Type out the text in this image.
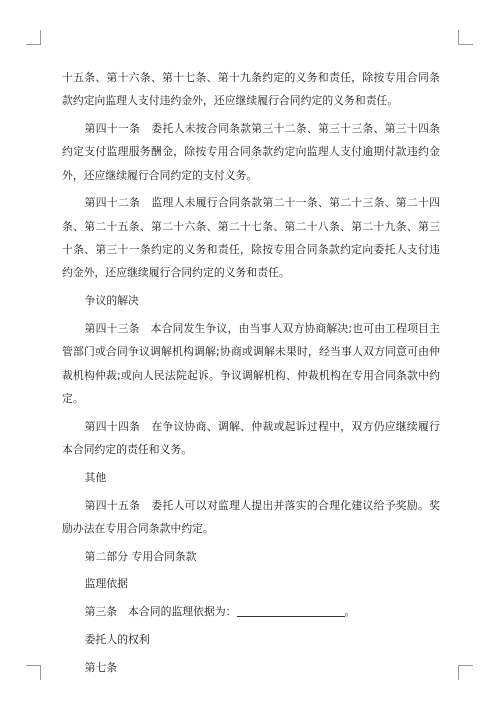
十五条、第十六条、第十七条、第十九条约定的义务和责任，除按专用合同条款约定向监理人支付违约金外，还应继续履行合同约定的义务和责任。

第四十一条　委托人未按合同条款第三十二条、第三十三条、第三十四条约定支付监理服务酬金，除按专用合同条款约定向监理人支付逾期付款违约金外，还应继续履行合同约定的支付义务。

第四十二条　监理人未履行合同条款第二十一条、第二十三条、第二十四条、第二十五条、第二十六条、第二十七条、第二十八条、第二十九条、第三十条、第三十一条约定的义务和责任，除按专用合同条款约定向委托人支付违约金外，还应继续履行合同约定的义务和责任。

争议的解决

第四十三条　本合同发生争议，由当事人双方协商解决;也可由工程项目主管部门或合同争议调解机构调解;协商或调解未果时，经当事人双方同意可由仲裁机构仲裁;或向人民法院起诉。争议调解机构、仲裁机构在专用合同条款中约定。

第四十四条　在争议协商、调解、仲裁或起诉过程中，双方仍应继续履行本合同约定的责任和义务。

其他

第四十五条　委托人可以对监理人提出并落实的合理化建议给予奖励。奖励办法在专用合同条款中约定。

第二部分 专用合同条款

监理依据

第三条　本合同的监理依据为：	。

委托人的权利

第七条
